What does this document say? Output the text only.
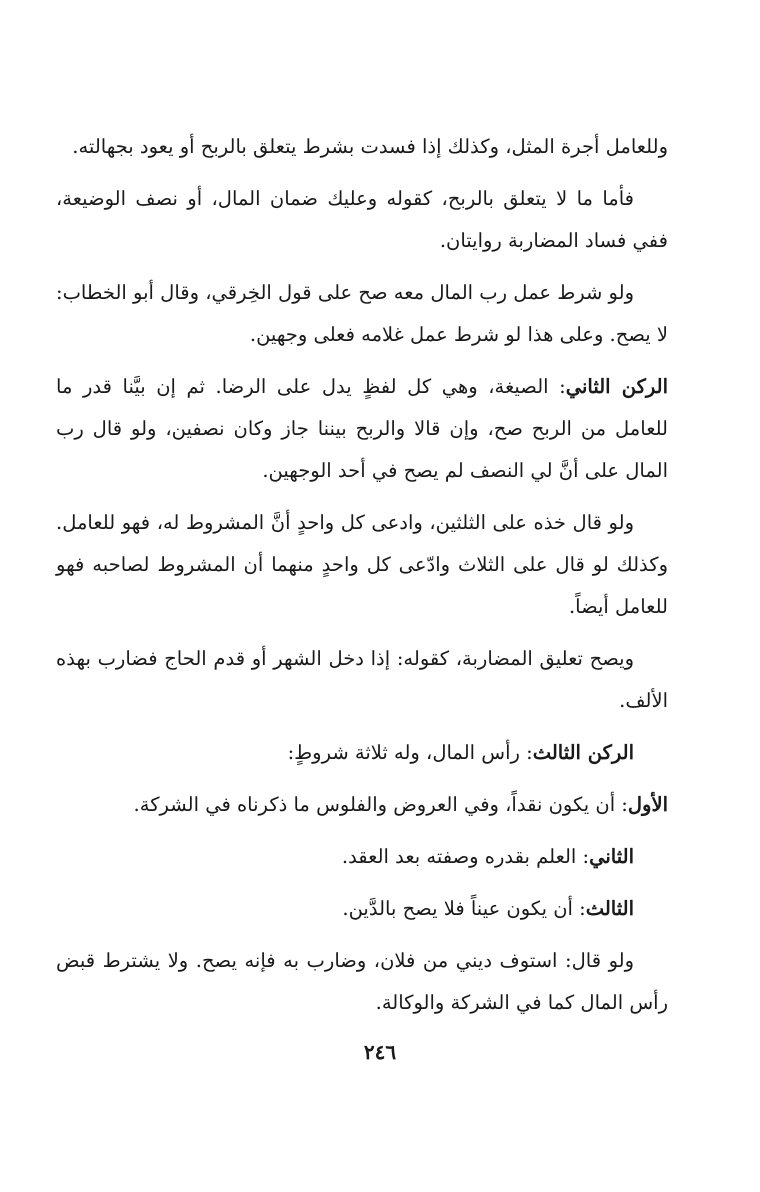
وللعامل أجرة المثل، وكذلك إذا فسدت بشرط يتعلق بالربح أو يعود بجهالته.

فأما ما لا يتعلق بالربح، كقوله وعليك ضمان المال، أو نصف الوضيعة، ففي فساد المضاربة روايتان.

ولو شرط عمل رب المال معه صح على قول الخِرقي، وقال أبو الخطاب: لا يصح. وعلى هذا لو شرط عمل غلامه فعلى وجهين.

الركن الثاني: الصيغة، وهي كل لفظٍ يدل على الرضا. ثم إن بيَّنا قدر ما للعامل من الربح صح، وإن قالا والربح بيننا جاز وكان نصفين، ولو قال رب المال على أنَّ لي النصف لم يصح في أحد الوجهين.

ولو قال خذه على الثلثين، وادعى كل واحدٍ أنَّ المشروط له، فهو للعامل. وكذلك لو قال على الثلاث وادّعى كل واحدٍ منهما أن المشروط لصاحبه فهو للعامل أيضاً.

ويصح تعليق المضاربة، كقوله: إذا دخل الشهر أو قدم الحاج فضارب بهذه الألف.

الركن الثالث: رأس المال، وله ثلاثة شروطٍ:

الأول: أن يكون نقداً، وفي العروض والفلوس ما ذكرناه في الشركة.

الثاني: العلم بقدره وصفته بعد العقد.

الثالث: أن يكون عيناً فلا يصح بالدَّين.

ولو قال: استوف ديني من فلان، وضارب به فإنه يصح. ولا يشترط قبض رأس المال كما في الشركة والوكالة.

٢٤٦
